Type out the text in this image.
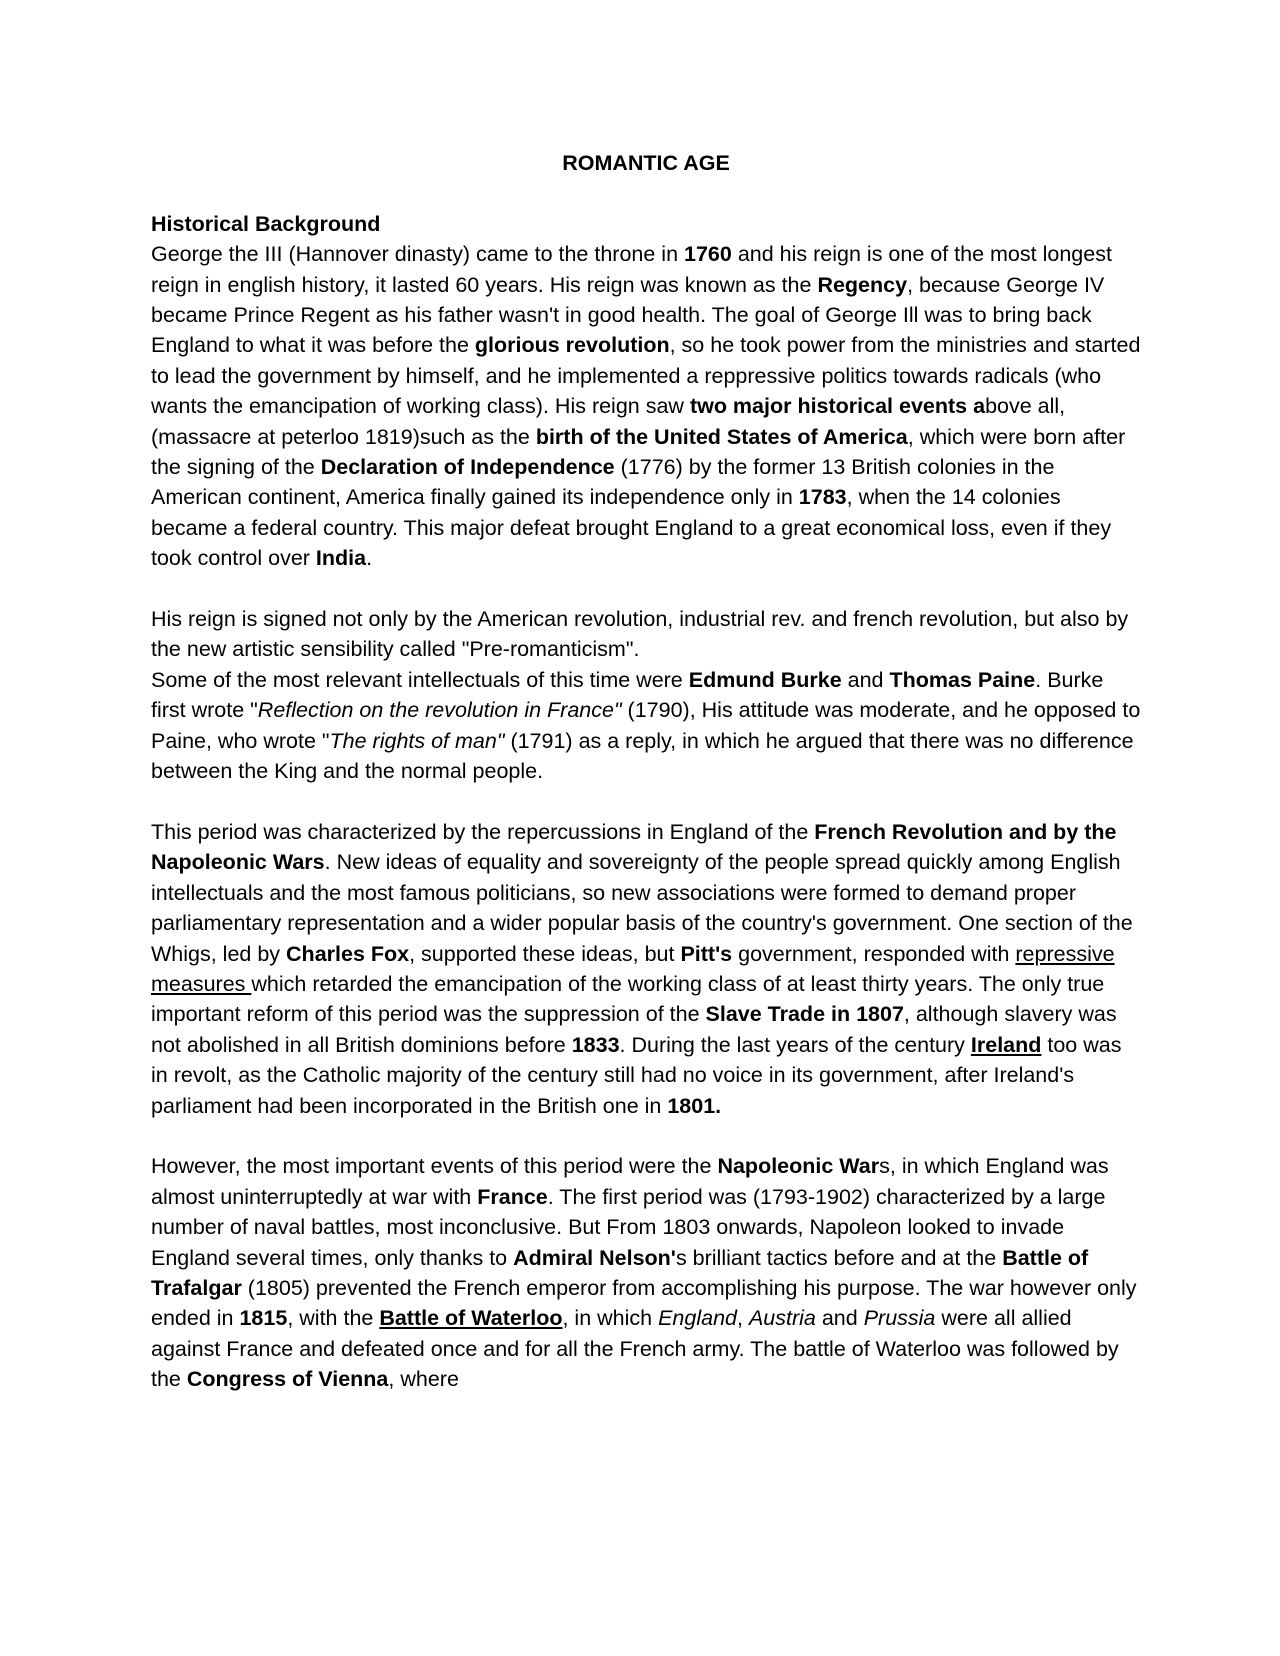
ROMANTIC AGE
Historical Background

George the III (Hannover dinasty) came to the throne in 1760 and his reign is one of the most longest reign in english history, it lasted 60 years. His reign was known as the Regency, because George IV became Prince Regent as his father wasn't in good health. The goal of George Ill was to bring back England to what it was before the glorious revolution, so he took power from the ministries and started to lead the government by himself, and he implemented a reppressive politics towards radicals (who wants the emancipation of working class). His reign saw two major historical events above all, (massacre at peterloo 1819)such as the birth of the United States of America, which were born after the signing of the Declaration of Independence (1776) by the former 13 British colonies in the American continent, America finally gained its independence only in 1783, when the 14 colonies became a federal country. This major defeat brought England to a great economical loss, even if they took control over India.

His reign is signed not only by the American revolution, industrial rev. and french revolution, but also by the new artistic sensibility called "Pre-romanticism".

Some of the most relevant intellectuals of this time were Edmund Burke and Thomas Paine. Burke first wrote "Reflection on the revolution in France" (1790), His attitude was moderate, and he opposed to Paine, who wrote "The rights of man" (1791) as a reply, in which he argued that there was no difference between the King and the normal people.

This period was characterized by the repercussions in England of the French Revolution and by the Napoleonic Wars. New ideas of equality and sovereignty of the people spread quickly among English intellectuals and the most famous politicians, so new associations were formed to demand proper parliamentary representation and a wider popular basis of the country's government. One section of the Whigs, led by Charles Fox, supported these ideas, but Pitt's government, responded with repressive measures which retarded the emancipation of the working class of at least thirty years. The only true important reform of this period was the suppression of the Slave Trade in 1807, although slavery was not abolished in all British dominions before 1833. During the last years of the century Ireland too was in revolt, as the Catholic majority of the century still had no voice in its government, after Ireland's parliament had been incorporated in the British one in 1801.

However, the most important events of this period were the Napoleonic Wars, in which England was almost uninterruptedly at war with France. The first period was (1793-1902) characterized by a large number of naval battles, most inconclusive. But From 1803 onwards, Napoleon looked to invade England several times, only thanks to Admiral Nelson's brilliant tactics before and at the Battle of Trafalgar (1805) prevented the French emperor from accomplishing his purpose. The war however only ended in 1815, with the Battle of Waterloo, in which England, Austria and Prussia were all allied against France and defeated once and for all the French army. The battle of Waterloo was followed by the Congress of Vienna, where
